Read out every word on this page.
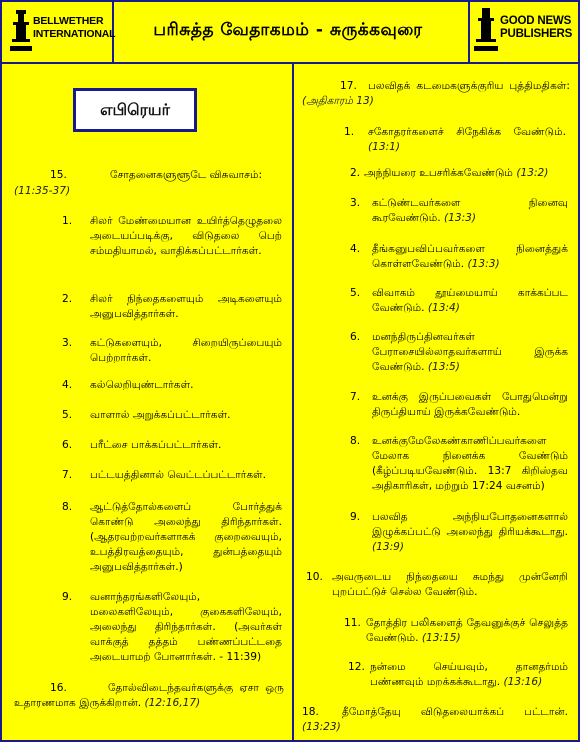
BELLWETHER
INTERNATIONAL	பரிசுத்த வேதாகமம் - சுருக்கவுரை	GOOD NEWS
PUBLISHERS
எபிரெயர்
15.	சோதனைகளுளூடே விசுவாசம்:
(11:35-37)
1. சிலர் மேண்மையான உயிர்த்தெழுதலை அடையப்படிக்கு, விடுதலை பெற் சம்மதியாமல், வாதிக்கப்பட்டார்கள்.
2. சிலர் நிந்தைகளையும் அடிகளையும் அனுபவித்தார்கள்.
3. கட்டுகளையும், சிறையிருப்பையும் பெற்றார்கள்.
4. கல்லெறியுண்டார்கள்.
5. வாளால் அறுக்கப்பட்டார்கள்.
6. பரீட்சை பாக்கப்பட்டார்கள்.
7. பட்டயத்தினால் வெட்டப்பட்டார்கள்.
8. ஆட்டுத்தோல்களைப் போர்த்துக் கொண்டு அலைந்து திரிந்தார்கள். (ஆதரவற்றவர்களாகக் குறைவையும், உபத்திரவத்தையும், துன்பத்தையும் அனுபவித்தார்கள்.)
9. வனாந்தரங்களிலேயும், மலைகளிலேயும், குகைகளிலேயும், அலைந்து திரிந்தார்கள். (அவர்கள் வாக்குத் தத்தம் பண்ணப்பட்டதை அடையாமற் போனார்கள். - 11:39)
16.	தோல்விடைந்தவர்களுக்கு ஏசா ஒரு உதாரணமாக இருக்கிறான். (12:16,17)
17.	பலவிதக் கடமைகளுக்குரிய புத்திமதிகள்: (அதிகாரம் 13)
1. சகோதரர்களைச் சிநேகிக்க வேண்டும். (13:1)
2. அந்நியரை உபசரிக்கவேண்டும் (13:2)
3. கட்டுண்டவர்களை நினைவு கூரவேண்டும். (13:3)
4. தீங்கனுபவிப்பவர்களை நினைத்துக் கொள்ளவேண்டும். (13:3)
5. விவாகம் தூய்மையாய் காக்கப்பட வேண்டும். (13:4)
6. மனந்திருப்தினவர்கள் பேராசையில்லாதவர்களாய் இருக்க வேண்டும். (13:5)
7. உனக்கு இருப்பவைகள் போதுமென்று திருப்தியாய் இருக்கவேண்டும்.
8. உனக்குமேலேகண்காணிப்பவர்களை மேலாக நினைக்க வேண்டும் (கீழ்ப்படியவேண்டும். 13:7 கிறிஸ்தவ அதிகாரிகள், மற்றும் 17:24 வசனம்)
9. பலவித அந்நியபோதனைகளால் இழுக்கப்பட்டு அலைந்து திரியக்கூடாது. (13:9)
10. அவருடைய நிந்தையை சுமந்து முன்னேறி புறப்பட்டுச் செல்ல வேண்டும்.
11. தோத்திர பலிகளைத் தேவனுக்குச் செலுத்த வேண்டும். (13:15)
12. நன்மை செய்யவும், தானதர்மம் பண்ணவும் மறக்கக்கூடாது. (13:16)
18.	தீமோத்தேயு விடுதலையாக்கப் பட்டான். (13:23)
